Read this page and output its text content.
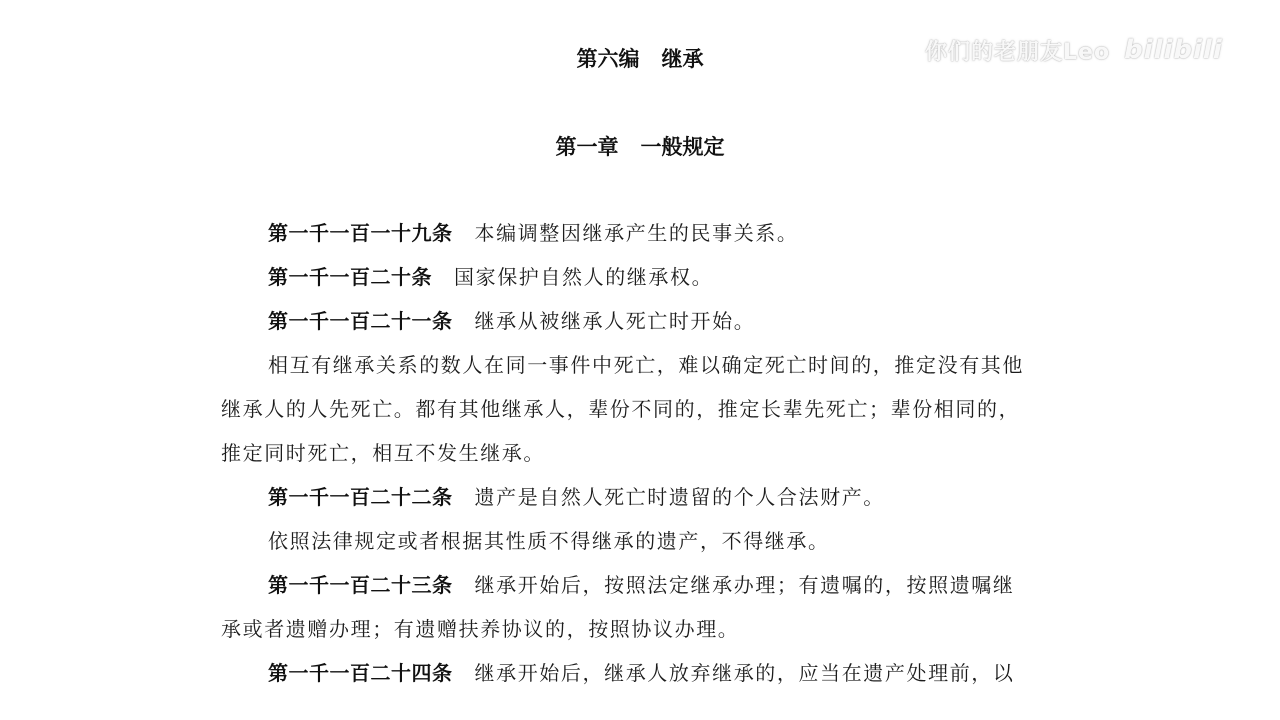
你们的老朋友Leo bilibili
第六编 继承
第一章 一般规定
第一千一百一十九条 本编调整因继承产生的民事关系。
第一千一百二十条 国家保护自然人的继承权。
第一千一百二十一条 继承从被继承人死亡时开始。
相互有继承关系的数人在同一事件中死亡，难以确定死亡时间的，推定没有其他
继承人的人先死亡。都有其他继承人，辈份不同的，推定长辈先死亡；辈份相同的，
推定同时死亡，相互不发生继承。
第一千一百二十二条 遗产是自然人死亡时遗留的个人合法财产。
依照法律规定或者根据其性质不得继承的遗产，不得继承。
第一千一百二十三条 继承开始后，按照法定继承办理；有遗嘱的，按照遗嘱继
承或者遗赠办理；有遗赠扶养协议的，按照协议办理。
第一千一百二十四条 继承开始后，继承人放弃继承的，应当在遗产处理前，以
